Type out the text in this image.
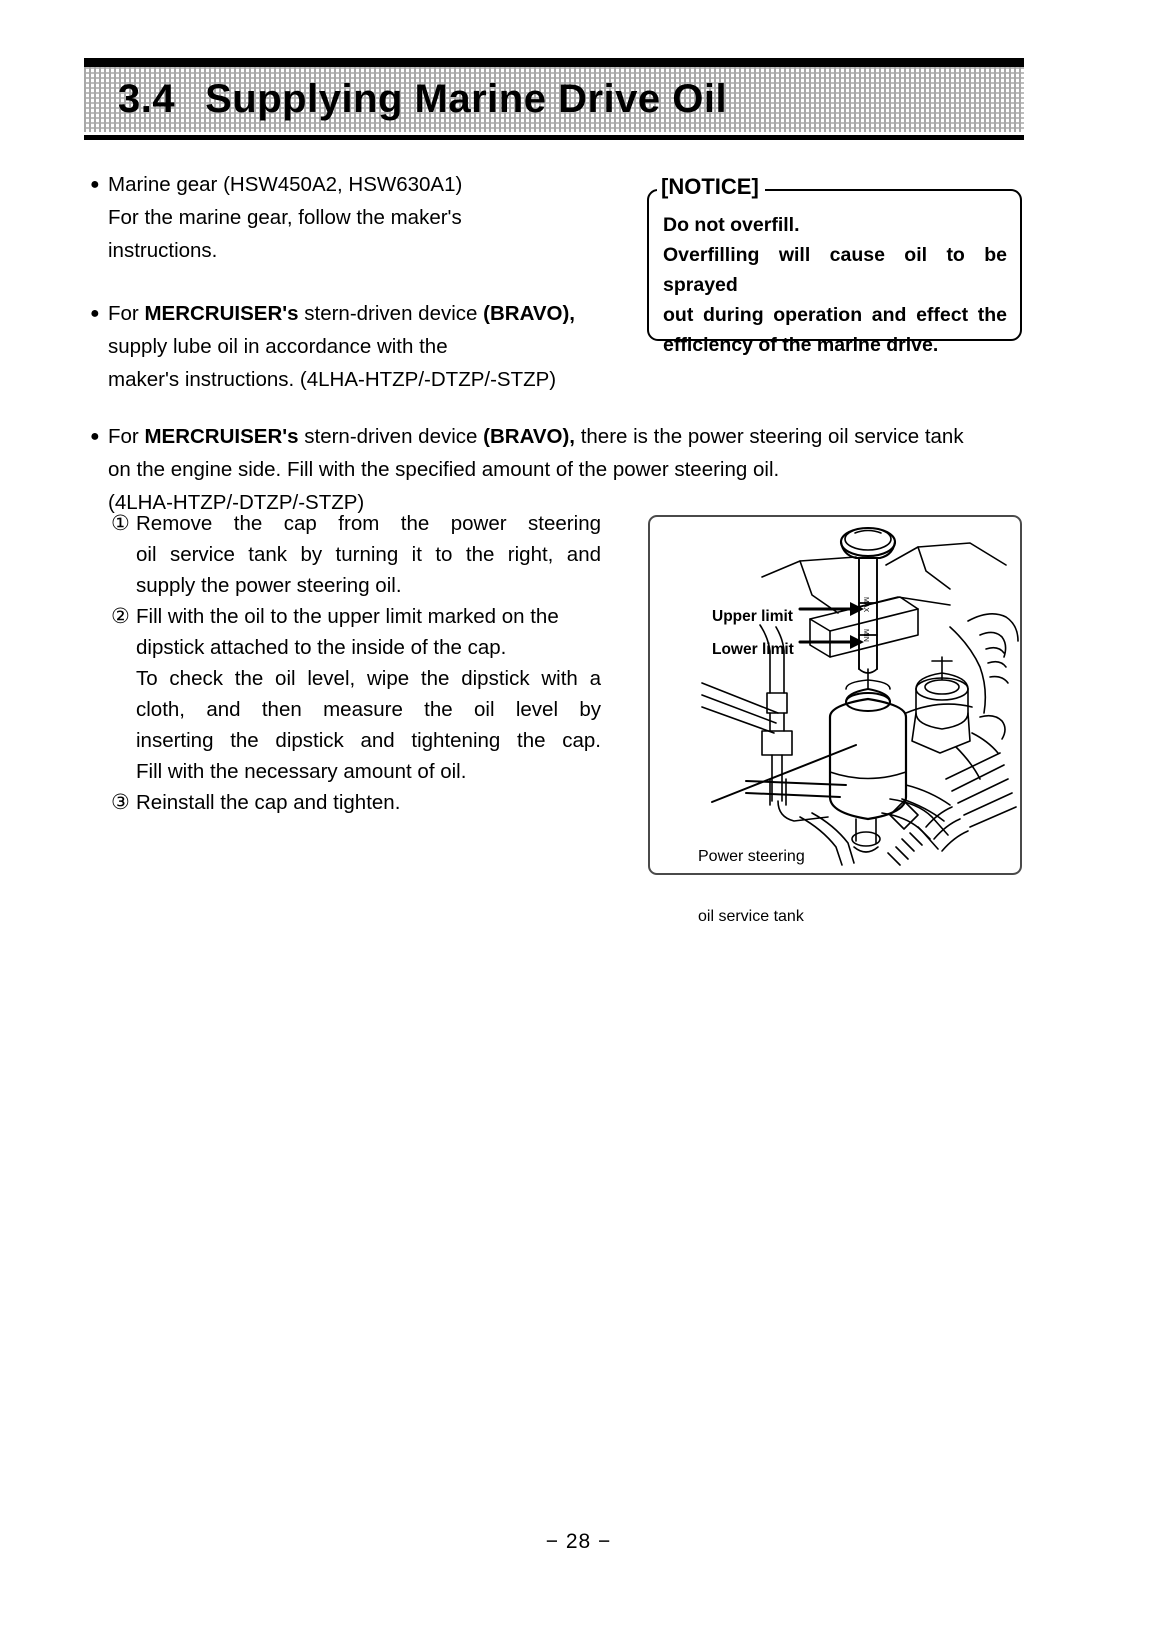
3.4 Supplying Marine Drive Oil
● Marine gear (HSW450A2, HSW630A1)
For the marine gear, follow the maker's
instructions.
● For MERCRUISER's stern-driven device (BRAVO),
supply lube oil in accordance with the
maker's instructions. (4LHA-HTZP/-DTZP/-STZP)
[NOTICE]
Do not overfill.
Overfilling will cause oil to be sprayed
out during operation and effect the
efficiency of the marine drive.
● For MERCRUISER's stern-driven device (BRAVO), there is the power steering oil service tank
on the engine side. Fill with the specified amount of the power steering oil.
(4LHA-HTZP/-DTZP/-STZP)
① Remove the cap from the power steering
oil service tank by turning it to the right, and
supply the power steering oil.
② Fill with the oil to the upper limit marked on the
dipstick attached to the inside of the cap.
To check the oil level, wipe the dipstick with a
cloth, and then measure the oil level by
inserting the dipstick and tightening the cap.
Fill with the necessary amount of oil.
③ Reinstall the cap and tighten.
MAX
MIN
Upper limit
Lower limit

Power steering

oil service tank

− 28 −
